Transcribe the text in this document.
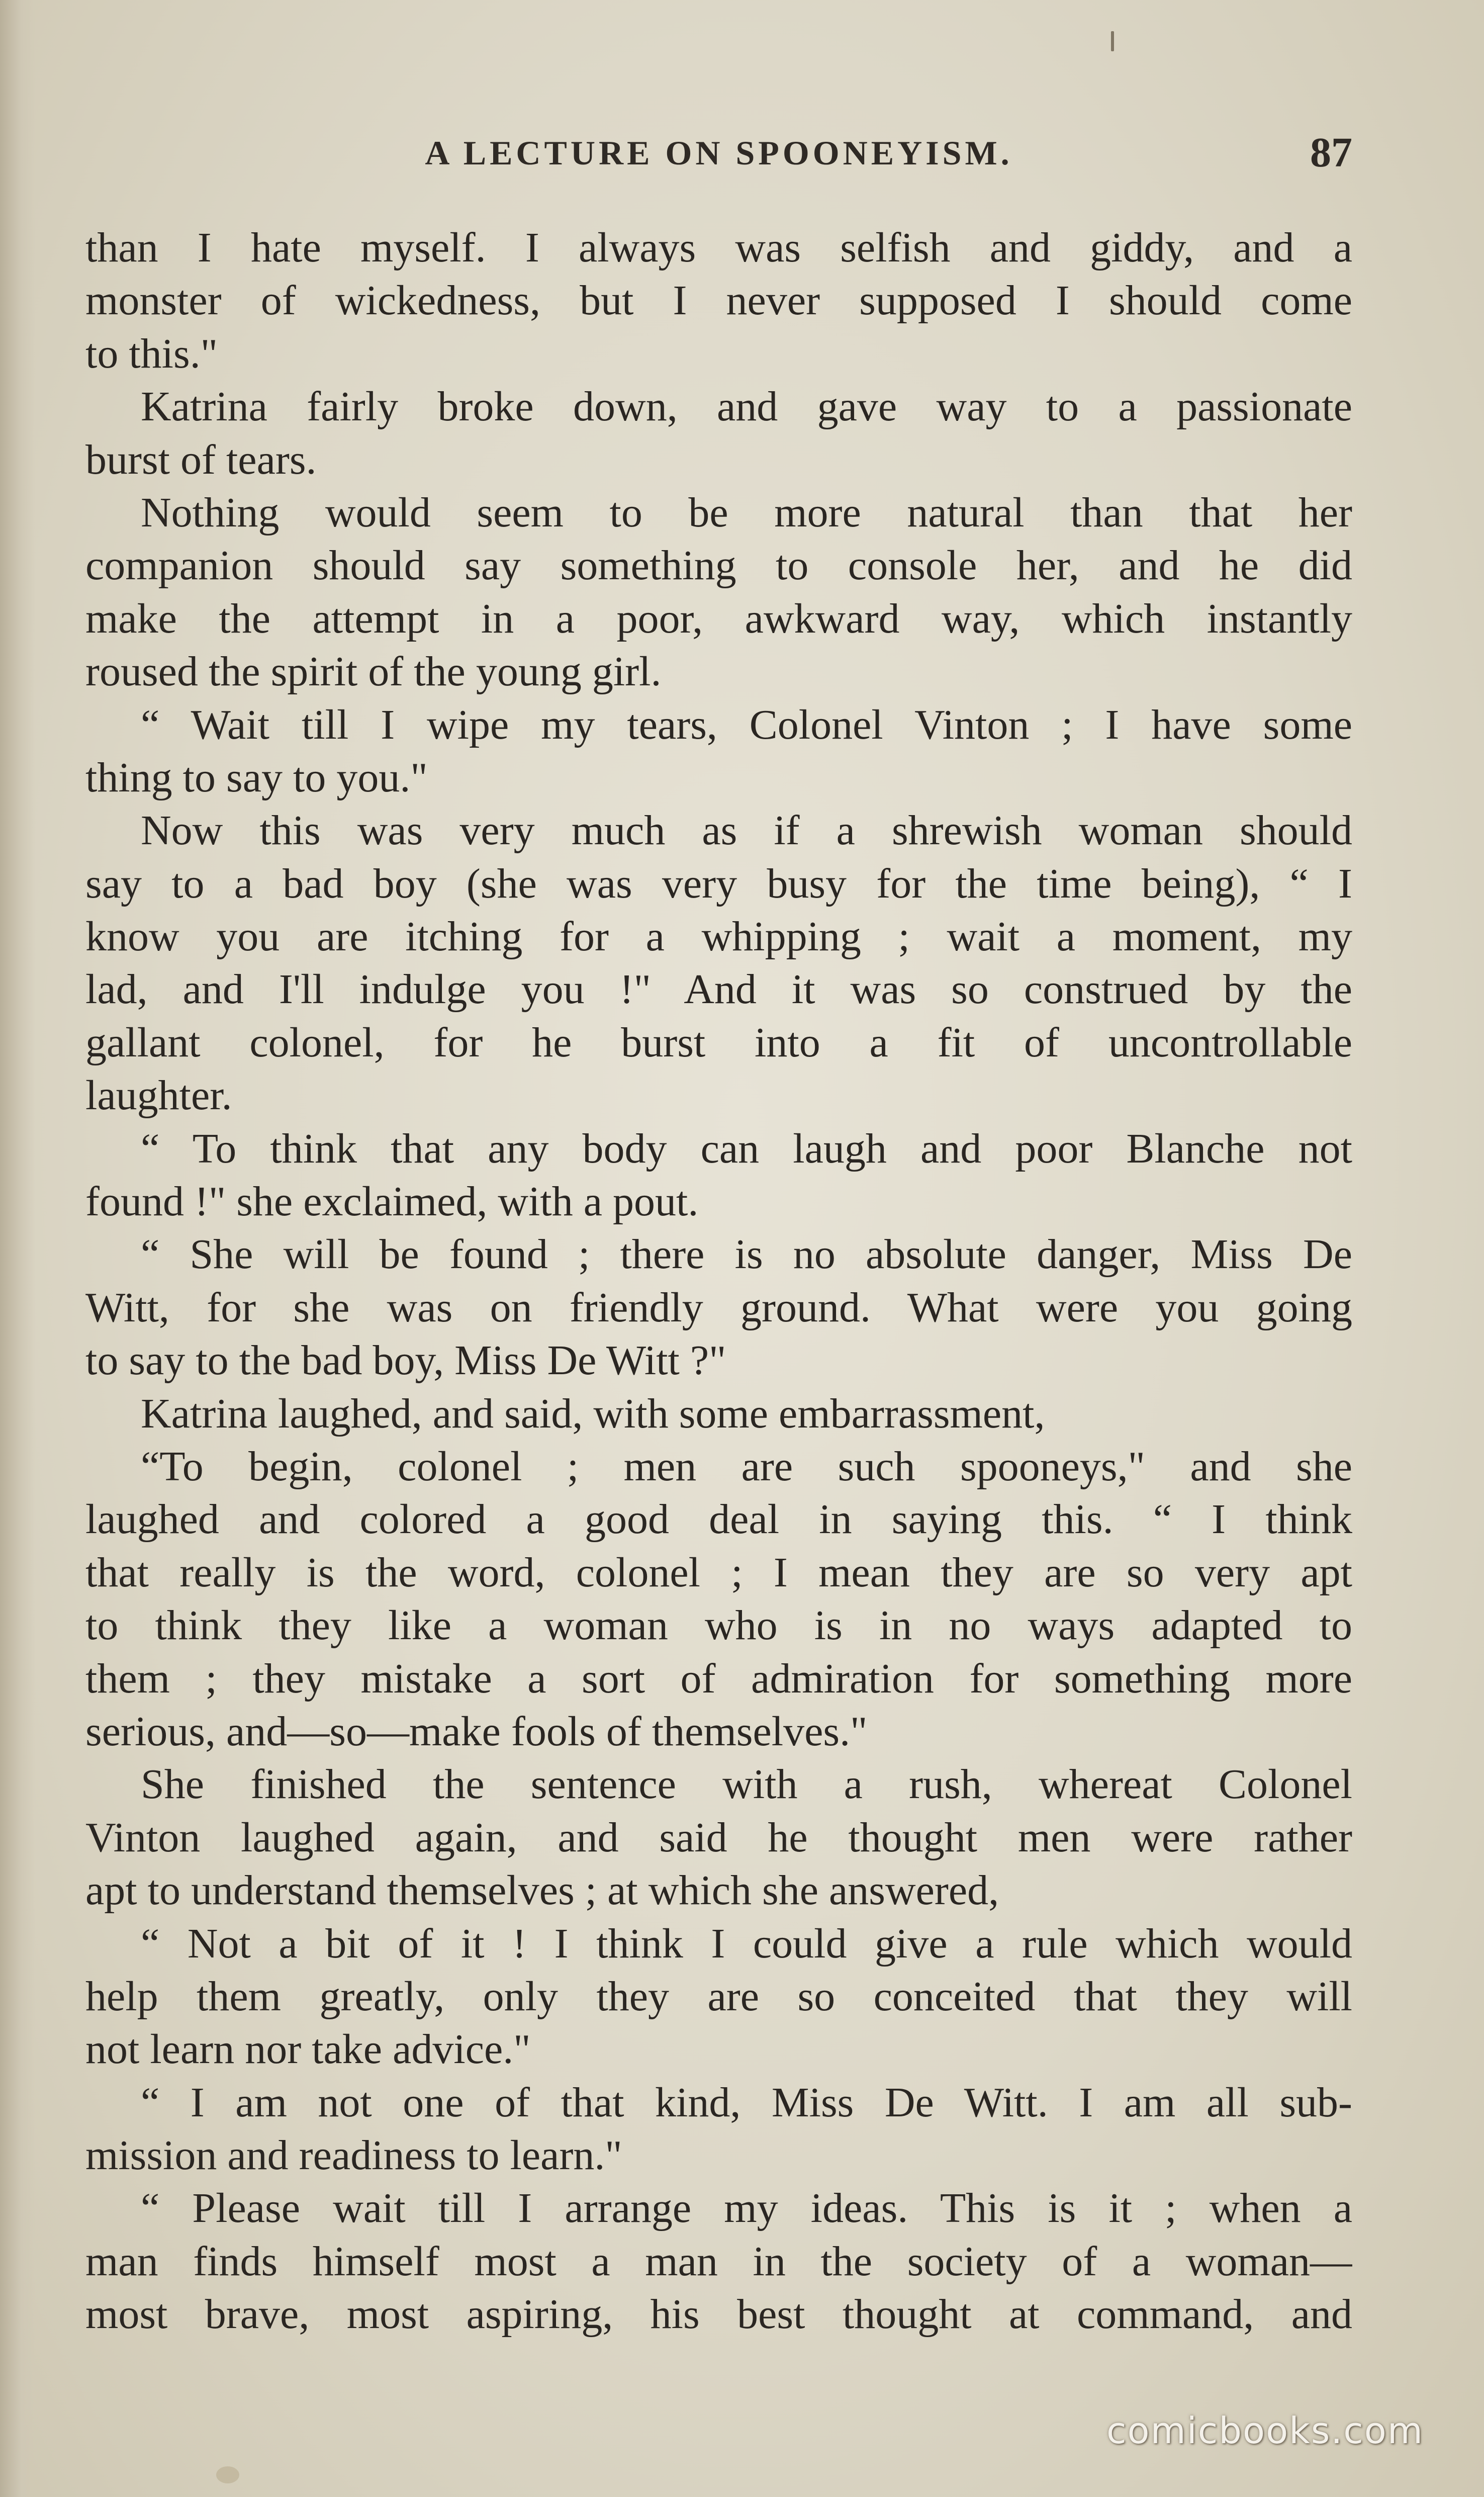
A LECTURE ON SPOONEYISM.	87
than I hate myself. I always was selfish and giddy, and a
monster of wickedness, but I never supposed I should come
to this."
Katrina fairly broke down, and gave way to a passionate
burst of tears.
Nothing would seem to be more natural than that her
companion should say something to console her, and he did
make the attempt in a poor, awkward way, which instantly
roused the spirit of the young girl.
“ Wait till I wipe my tears, Colonel Vinton ; I have some
thing to say to you."
Now this was very much as if a shrewish woman should
say to a bad boy (she was very busy for the time being), “ I
know you are itching for a whipping ; wait a moment, my
lad, and I'll indulge you !" And it was so construed by the
gallant colonel, for he burst into a fit of uncontrollable
laughter.
“ To think that any body can laugh and poor Blanche not
found !" she exclaimed, with a pout.
“ She will be found ; there is no absolute danger, Miss De
Witt, for she was on friendly ground. What were you going
to say to the bad boy, Miss De Witt ?"
Katrina laughed, and said, with some embarrassment,
“To begin, colonel ; men are such spooneys," and she
laughed and colored a good deal in saying this. “ I think
that really is the word, colonel ; I mean they are so very apt
to think they like a woman who is in no ways adapted to
them ; they mistake a sort of admiration for something more
serious, and—so—make fools of themselves."
She finished the sentence with a rush, whereat Colonel
Vinton laughed again, and said he thought men were rather
apt to understand themselves ; at which she answered,
“ Not a bit of it ! I think I could give a rule which would
help them greatly, only they are so conceited that they will
not learn nor take advice."
“ I am not one of that kind, Miss De Witt. I am all sub-
mission and readiness to learn."
“ Please wait till I arrange my ideas. This is it ; when a
man finds himself most a man in the society of a woman—
most brave, most aspiring, his best thought at command, and
comicbooks.com
